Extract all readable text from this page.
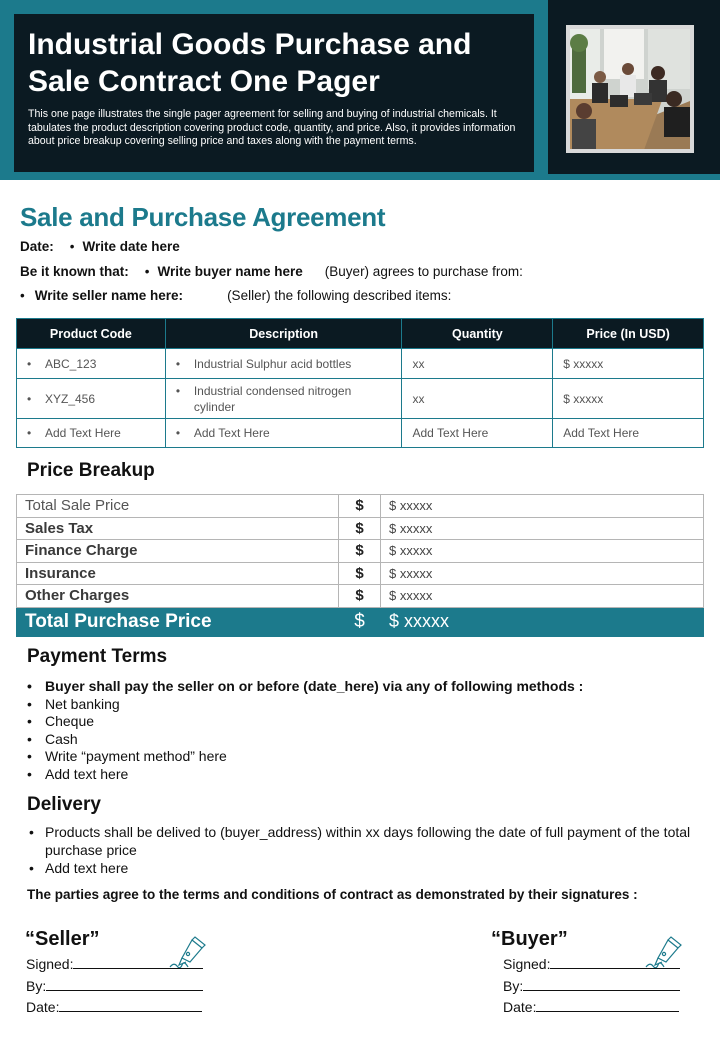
Industrial Goods Purchase and Sale Contract One Pager
This one page illustrates the single pager agreement for selling and buying of industrial chemicals. It tabulates the product description covering product code, quantity, and price. Also, it provides information about price breakup covering selling price and taxes along with the payment terms.
Sale and Purchase Agreement
Date: • Write date here
Be it known that: • Write buyer name here (Buyer) agrees to purchase from:
• Write seller name here:	(Seller) the following described items:
Product Code	Description	Quantity	Price (In USD)
• ABC_123	• Industrial Sulphur acid bottles	xx	$ xxxxx
• XYZ_456	• Industrial condensed nitrogen cylinder	xx	$ xxxxx
• Add Text Here	• Add Text Here	Add Text Here	Add Text Here
Price Breakup
Total Sale Price	$	$ xxxxx
Sales Tax	$	$ xxxxx
Finance Charge	$	$ xxxxx
Insurance	$	$ xxxxx
Other Charges	$	$ xxxxx
Total Purchase Price	$	$ xxxxx
Payment Terms
• Buyer shall pay the seller on or before (date_here) via any of following methods :
• Net banking
• Cheque
• Cash
• Write “payment method” here
• Add text here
Delivery
• Products shall be delived to (buyer_address) within xx days following the date of full payment of the total purchase price
• Add text here
The parties agree to the terms and conditions of contract as demonstrated by their signatures :
“Seller”
Signed:
By:
Date:
“Buyer”
Signed:
By:
Date:
